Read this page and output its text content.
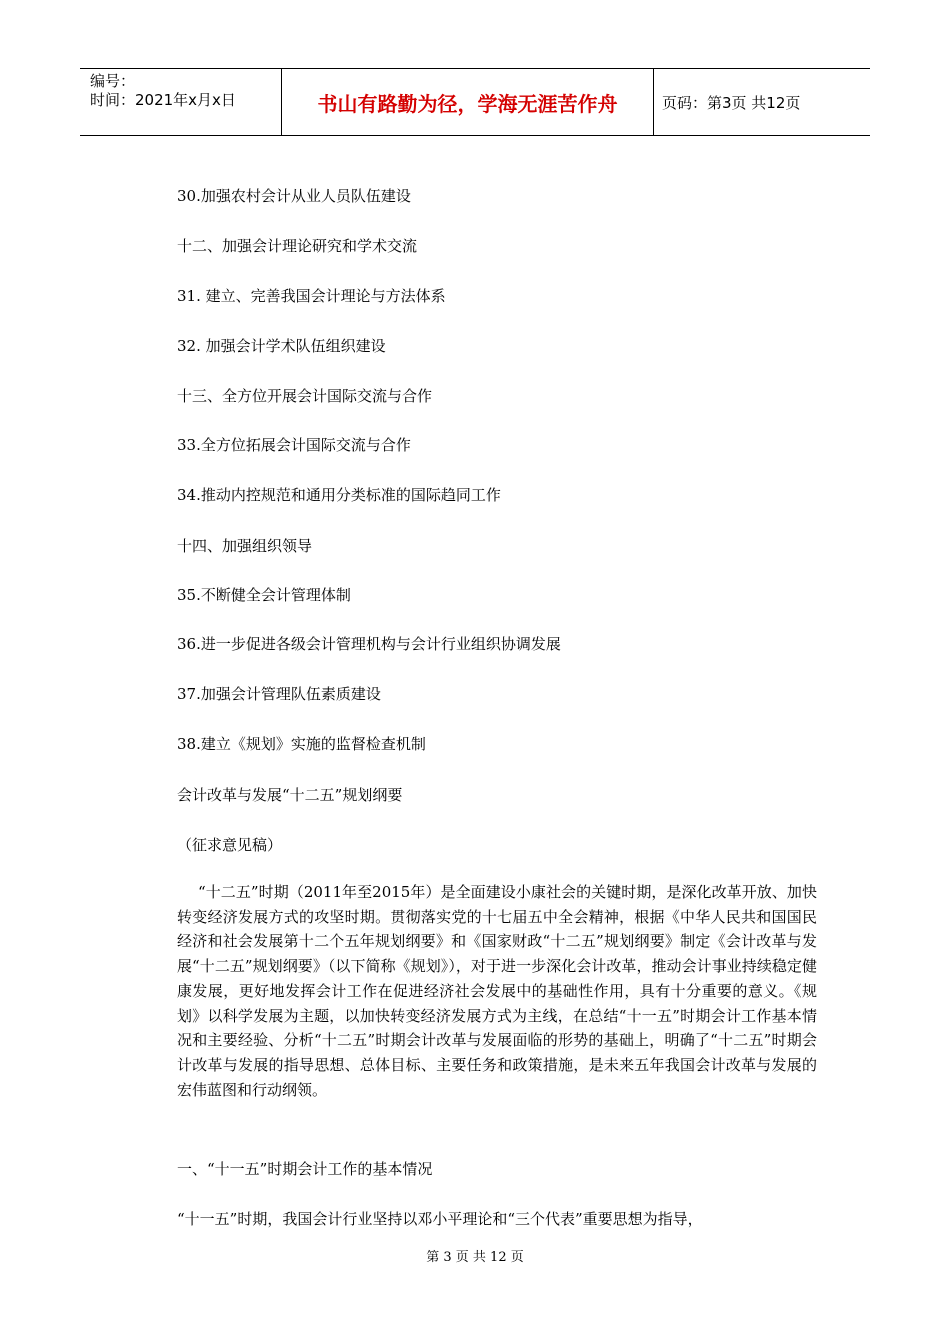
编号：
时间：2021年x月x日	书山有路勤为径，学海无涯苦作舟	页码：第3页 共12页
30.加强农村会计从业人员队伍建设
十二、加强会计理论研究和学术交流
31. 建立、完善我国会计理论与方法体系
32. 加强会计学术队伍组织建设
十三、全方位开展会计国际交流与合作
33.全方位拓展会计国际交流与合作
34.推动内控规范和通用分类标准的国际趋同工作
十四、加强组织领导
35.不断健全会计管理体制
36.进一步促进各级会计管理机构与会计行业组织协调发展
37.加强会计管理队伍素质建设
38.建立《规划》实施的监督检查机制
会计改革与发展“十二五”规划纲要
（征求意见稿）
“十二五”时期（2011年至2015年）是全面建设小康社会的关键时期，是深化改革开放、加快转变经济发展方式的攻坚时期。贯彻落实党的十七届五中全会精神，根据《中华人民共和国国民经济和社会发展第十二个五年规划纲要》和《国家财政“十二五”规划纲要》制定《会计改革与发展“十二五”规划纲要》（以下简称《规划》），对于进一步深化会计改革，推动会计事业持续稳定健康发展，更好地发挥会计工作在促进经济社会发展中的基础性作用，具有十分重要的意义。《规划》以科学发展为主题，以加快转变经济发展方式为主线，在总结“十一五”时期会计工作基本情况和主要经验、分析“十二五”时期会计改革与发展面临的形势的基础上，明确了“十二五”时期会计改革与发展的指导思想、总体目标、主要任务和政策措施，是未来五年我国会计改革与发展的宏伟蓝图和行动纲领。
一、“十一五”时期会计工作的基本情况
“十一五”时期，我国会计行业坚持以邓小平理论和“三个代表”重要思想为指导，
第 3 页 共 12 页
